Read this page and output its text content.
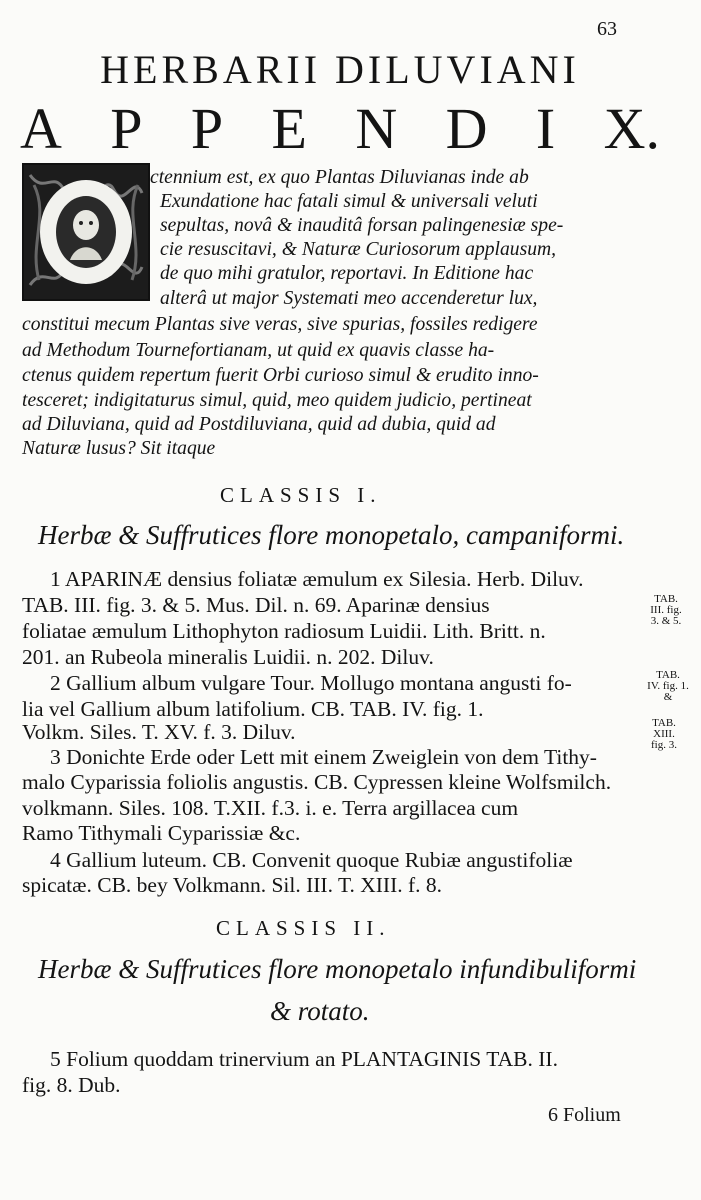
63
HERBARII DILUVIANI
A P P E N D I X.
ctennium est, ex quo Plantas Diluvianas inde ab
Exundatione hac fatali simul & universali veluti
sepultas, novâ & inauditâ forsan palingenesiæ spe-
cie resuscitavi, & Naturæ Curiosorum applausum,
de quo mihi gratulor, reportavi. In Editione hac
alterâ ut major Systemati meo accenderetur lux,
constitui mecum Plantas sive veras, sive spurias, fossiles redigere
ad Methodum Tournefortianam, ut quid ex quavis classe ha-
ctenus quidem repertum fuerit Orbi curioso simul & erudito inno-
tesceret; indigitaturus simul, quid, meo quidem judicio, pertineat
ad Diluviana, quid ad Postdiluviana, quid ad dubia, quid ad
Naturæ lusus? Sit itaque
CLASSIS I.
Herbæ & Suffrutices flore monopetalo, campaniformi.
1 APARINÆ densius foliatæ æmulum ex Silesia. Herb. Diluv.
TAB. III. fig. 3. & 5. Mus. Dil. n. 69. Aparinæ densius
foliatae æmulum Lithophyton radiosum Luidii. Lith. Britt. n.
201. an Rubeola mineralis Luidii. n. 202. Diluv.
2 Gallium album vulgare Tour. Mollugo montana angusti fo-
lia vel Gallium album latifolium. CB. TAB. IV. fig. 1.
Volkm. Siles. T. XV. f. 3. Diluv.
3 Donichte Erde oder Lett mit einem Zweiglein von dem Tithy-
malo Cyparissia foliolis angustis. CB. Cypressen kleine Wolfsmilch.
volkmann. Siles. 108. T.XII. f.3. i. e. Terra argillacea cum
Ramo Tithymali Cyparissiæ &c.
4 Gallium luteum. CB. Convenit quoque Rubiæ angustifoliæ
spicatæ. CB. bey Volkmann. Sil. III. T. XIII. f. 8.
TAB.
III. fig.
3. & 5.
TAB.
IV. fig. 1.
&
TAB.
XIII.
fig. 3.
CLASSIS II.
Herbæ & Suffrutices flore monopetalo infundibuliformi
& rotato.
5 Folium quoddam trinervium an PLANTAGINIS TAB. II.
fig. 8. Dub.
6 Folium
